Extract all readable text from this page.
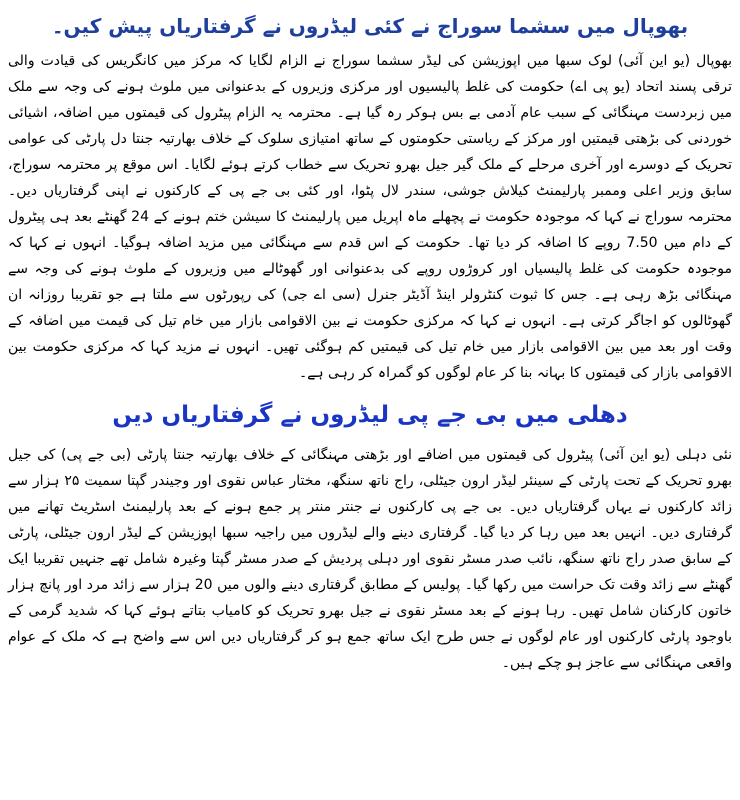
بھوپال میں سشما سوراج نے کئی لیڈروں نے گرفتاریاں پیش کیں۔

بھوپال (یو این آئی) لوک سبھا میں اپوزیشن کی لیڈر سشما سوراج نے الزام لگایا کہ مرکز میں کانگریس کی قیادت والی ترقی پسند اتحاد (یو پی اے) حکومت کی غلط پالیسیوں اور مرکزی وزیروں کے بدعنوانی میں ملوث ہونے کی وجہ سے ملک میں زبردست مہنگائی کے سبب عام آدمی بے بس ہوکر رہ گیا ہے۔ محترمہ یہ الزام پیٹرول کی قیمتوں میں اضافہ، اشیائی خوردنی کی بڑھتی قیمتیں اور مرکز کے ریاستی حکومتوں کے ساتھ امتیازی سلوک کے خلاف بھارتیہ جنتا دل پارٹی کی عوامی تحریک کے دوسرے اور آخری مرحلے کے ملک گیر جیل بھرو تحریک سے خطاب کرتے ہوئے لگایا۔ اس موقع پر محترمہ سوراج، سابق وزیر اعلی وممبر پارلیمنٹ کیلاش جوشی، سندر لال پٹوا، اور کئی بی جے پی کے کارکنوں نے اپنی گرفتاریاں دیں۔ محترمہ سوراج نے کہا کہ موجودہ حکومت نے پچھلے ماہ اپریل میں پارلیمنٹ کا سیشن ختم ہونے کے 24 گھنٹے بعد ہی پیٹرول کے دام میں 7.50 روپے کا اضافہ کر دیا تھا۔ حکومت کے اس قدم سے مہنگائی میں مزید اضافہ ہوگیا۔ انہوں نے کہا کہ موجودہ حکومت کی غلط پالیسیاں اور کروڑوں روپے کی بدعنوانی اور گھوٹالے میں وزیروں کے ملوث ہونے کی وجہ سے مہنگائی بڑھ رہی ہے۔ جس کا ثبوت کنٹرولر اینڈ آڈیٹر جنرل (سی اے جی) کی رپورٹوں سے ملتا ہے جو تقریبا روزانہ ان گھوٹالوں کو اجاگر کرتی ہے۔ انہوں نے کہا کہ مرکزی حکومت نے بین الاقوامی بازار میں خام تیل کی قیمت میں اضافہ کے وقت اور بعد میں بین الاقوامی بازار میں خام تیل کی قیمتیں کم ہوگئی تھیں۔ انہوں نے مزید کہا کہ مرکزی حکومت بین الاقوامی بازار کی قیمتوں کا بہانہ بنا کر عام لوگوں کو گمراہ کر رہی ہے۔

دھلی میں بی جے پی لیڈروں نے گرفتاریاں دیں

نئی دہلی (یو این آئی) پیٹرول کی قیمتوں میں اضافے اور بڑھتی مہنگائی کے خلاف بھارتیہ جنتا پارٹی (بی جے پی) کی جیل بھرو تحریک کے تحت پارٹی کے سینئر لیڈر ارون جیٹلی، راج ناتھ سنگھ، مختار عباس نقوی اور وجیندر گپتا سمیت ۲۵ ہزار سے زائد کارکنوں نے یہاں گرفتاریاں دیں۔ بی جے پی کارکنوں نے جنتر منتر پر جمع ہونے کے بعد پارلیمنٹ اسٹریٹ تھانے میں گرفتاری دیں۔ انہیں بعد میں رہا کر دیا گیا۔ گرفتاری دینے والے لیڈروں میں راجیہ سبھا اپوزیشن کے لیڈر ارون جیٹلی، پارٹی کے سابق صدر راج ناتھ سنگھ، نائب صدر مسٹر نقوی اور دہلی پردیش کے صدر مسٹر گپتا وغیرہ شامل تھے جنہیں تقریبا ایک گھنٹے سے زائد وقت تک حراست میں رکھا گیا۔ پولیس کے مطابق گرفتاری دینے والوں میں 20 ہزار سے زائد مرد اور پانچ ہزار خاتون کارکنان شامل تھیں۔ رہا ہونے کے بعد مسٹر نقوی نے جیل بھرو تحریک کو کامیاب بتاتے ہوئے کہا کہ شدید گرمی کے باوجود پارٹی کارکنوں اور عام لوگوں نے جس طرح ایک ساتھ جمع ہو کر گرفتاریاں دیں اس سے واضح ہے کہ ملک کے عوام واقعی مہنگائی سے عاجز ہو چکے ہیں۔
